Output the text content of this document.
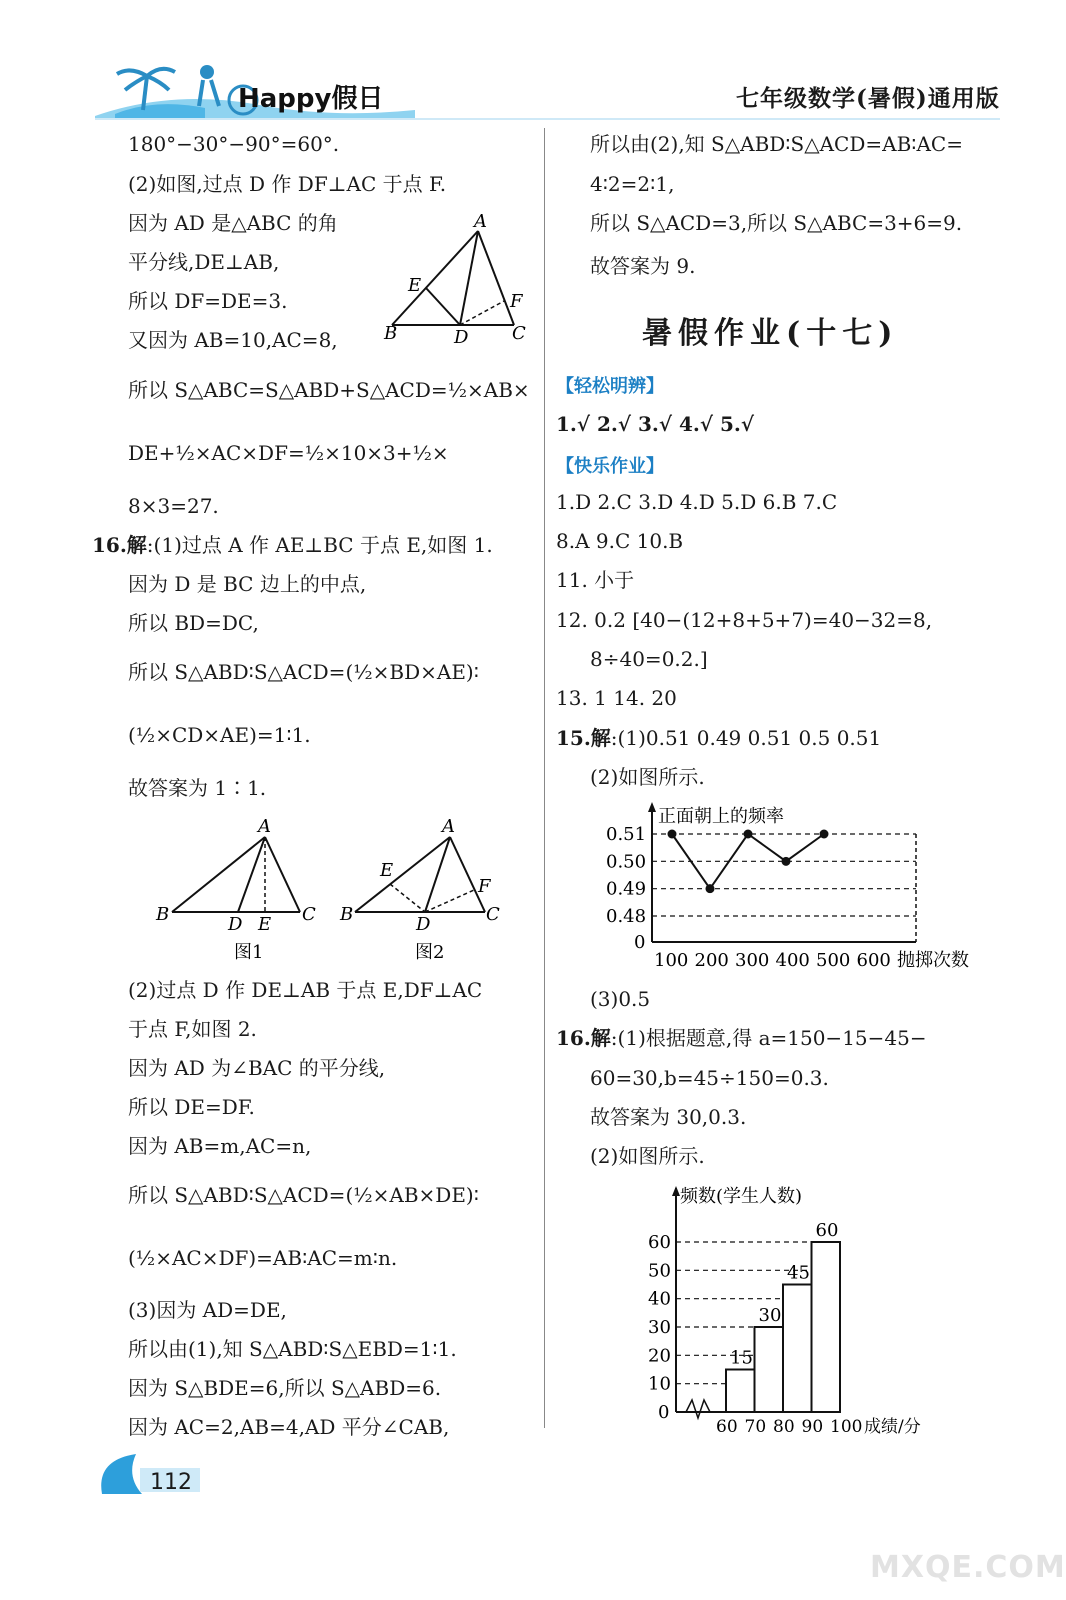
Happy假日	七年级数学(暑假)通用版
180°−30°−90°=60°.
(2)如图,过点 D 作 DF⊥AC 于点 F.
因为 AD 是△ABC 的角
平分线,DE⊥AB,
所以 DF=DE=3.
又因为 AB=10,AC=8,
A
E
F
B	D C
所以 S△ABC=S△ABD+S△ACD=½×AB×
DE+½×AC×DF=½×10×3+½×
8×3=27.
16.解:(1)过点 A 作 AE⊥BC 于点 E,如图 1.
因为 D 是 BC 边上的中点,
所以 BD=DC,
所以 S△ABD∶S△ACD=(½×BD×AE)∶
(½×CD×AE)=1∶1.
故答案为 1∶1.
A
B	D E C
图1
A
E
F
B	D	C
图2
(2)过点 D 作 DE⊥AB 于点 E,DF⊥AC
于点 F,如图 2.
因为 AD 为∠BAC 的平分线,
所以 DE=DF.
因为 AB=m,AC=n,
所以 S△ABD∶S△ACD=(½×AB×DE)∶
(½×AC×DF)=AB∶AC=m∶n.
(3)因为 AD=DE,
所以由(1),知 S△ABD∶S△EBD=1∶1.
因为 S△BDE=6,所以 S△ABD=6.
因为 AC=2,AB=4,AD 平分∠CAB,
112
所以由(2),知 S△ABD∶S△ACD=AB∶AC=
4∶2=2∶1,
所以 S△ACD=3,所以 S△ABC=3+6=9.
故答案为 9.
暑假作业(十七)
【轻松明辨】
1.√ 2.√ 3.√ 4.√ 5.√
【快乐作业】
1.D 2.C 3.D 4.D 5.D 6.B 7.C
8.A 9.C 10.B
11. 小于
12. 0.2 [40−(12+8+5+7)=40−32=8,
8÷40=0.2.]
13. 1 14. 20
15.解:(1)0.51 0.49 0.51 0.5 0.51
(2)如图所示.
正面朝上的频率
0
0.48
0.49
0.50
0.51
100 200 300 400 500 600 抛掷次数
(3)0.5
16.解:(1)根据题意,得 a=150−15−45−
60=30,b=45÷150=0.3.
故答案为 30,0.3.
(2)如图所示.
频数(学生人数)
0
10
20
30
40
50
60
15
30
45
60
60 70 80 90 100 成绩/分
MXQE.COM
